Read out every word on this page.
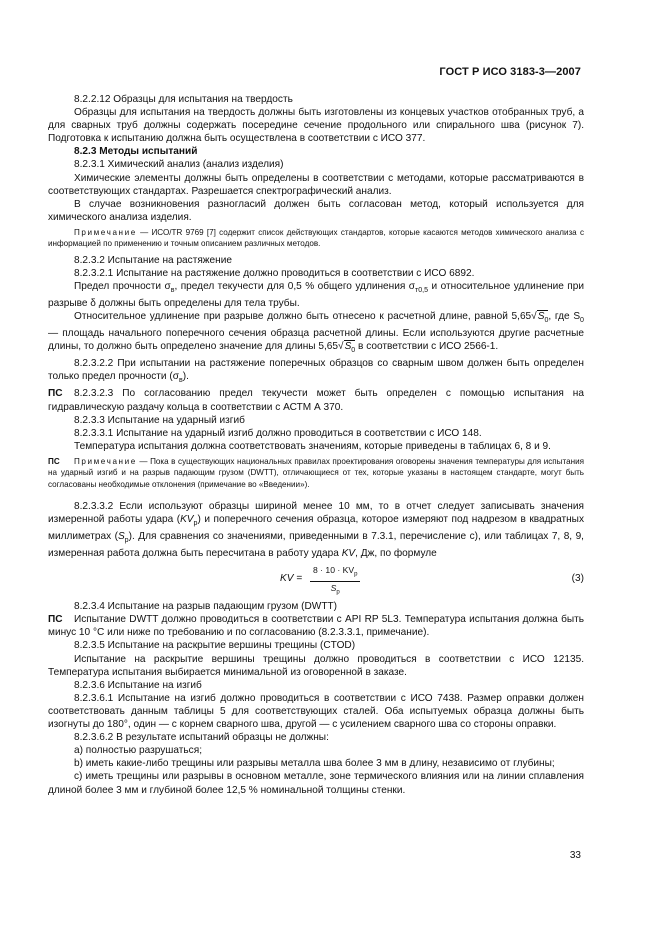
ГОСТ Р ИСО 3183-3—2007

8.2.2.12 Образцы для испытания на твердость

Образцы для испытания на твердость должны быть изготовлены из концевых участков отобранных труб, а для сварных труб должны содержать посередине сечение продольного или спирального шва (рисунок 7). Подготовка к испытанию должна быть осуществлена в соответствии с ИСО 377.

8.2.3 Методы испытаний

8.2.3.1 Химический анализ (анализ изделия)

Химические элементы должны быть определены в соответствии с методами, которые рассматриваются в соответствующих стандартах. Разрешается спектрографический анализ.

В случае возникновения разногласий должен быть согласован метод, который используется для химического анализа изделия.

Примечание — ИСО/TR 9769 [7] содержит список действующих стандартов, которые касаются методов химического анализа с информацией по применению и точным описанием различных методов.

8.2.3.2 Испытание на растяжение

8.2.3.2.1 Испытание на растяжение должно проводиться в соответствии с ИСО 6892.

Предел прочности $\sigma_в$, предел текучести для 0,5 % общего удлинения $\sigma_{т0,5}$ и относительное удлинение при разрыве δ должны быть определены для тела трубы.

Относительное удлинение при разрыве должно быть отнесено к расчетной длине, равной $5,65√S_0$, где $S_0$ — площадь начального поперечного сечения образца расчетной длины. Если используются другие расчетные длины, то должно быть определено значение для длины $5,65√S_0$ в соответствии с ИСО 2566-1.

8.2.3.2.2 При испытании на растяжение поперечных образцов со сварным швом должен быть определен только предел прочности $(\sigma_в)$.

ПС 8.2.3.2.3 По согласованию предел текучести может быть определен с помощью испытания на гидравлическую раздачу кольца в соответствии с АСТМ А 370.

8.2.3.3 Испытание на ударный изгиб

8.2.3.3.1 Испытание на ударный изгиб должно проводиться в соответствии с ИСО 148.

Температура испытания должна соответствовать значениям, которые приведены в таблицах 6, 8 и 9.

ПС Примечание — Пока в существующих национальных правилах проектирования оговорены значения температуры для испытания на ударный изгиб и на разрыв падающим грузом (DWTT), отличающиеся от тех, которые указаны в настоящем стандарте, могут быть согласованы необходимые отклонения (примечание во «Введении»).

8.2.3.3.2 Если используют образцы шириной менее 10 мм, то в отчет следует записывать значения измеренной работы удара $(KV_p)$ и поперечного сечения образца, которое измеряют под надрезом в квадратных миллиметрах $(S_p)$. Для сравнения со значениями, приведенными в 7.3.1, перечисление с), или таблицах 7, 8, 9, измеренная работа должна быть пересчитана в работу удара KV, Дж, по формуле

KV =
$8 \cdot 10 \cdot KV_p$
$S_p$
(3)

8.2.3.4 Испытание на разрыв падающим грузом (DWTT)

ПС Испытание DWTT должно проводиться в соответствии с API RP 5L3. Температура испытания должна быть минус 10 °С или ниже по требованию и по согласованию (8.2.3.3.1, примечание).

8.2.3.5 Испытание на раскрытие вершины трещины (CTOD)

Испытание на раскрытие вершины трещины должно проводиться в соответствии с ИСО 12135. Температура испытания выбирается минимальной из оговоренной в заказе.

8.2.3.6 Испытание на изгиб

8.2.3.6.1 Испытание на изгиб должно проводиться в соответствии с ИСО 7438. Размер оправки должен соответствовать данным таблицы 5 для соответствующих сталей. Оба испытуемых образца должны быть изогнуты до 180°, один — с корнем сварного шва, другой — с усилением сварного шва со стороны оправки.

8.2.3.6.2 В результате испытаний образцы не должны:

а) полностью разрушаться;

b) иметь какие-либо трещины или разрывы металла шва более 3 мм в длину, независимо от глубины;

с) иметь трещины или разрывы в основном металле, зоне термического влияния или на линии сплавления длиной более 3 мм и глубиной более 12,5 % номинальной толщины стенки.

33
